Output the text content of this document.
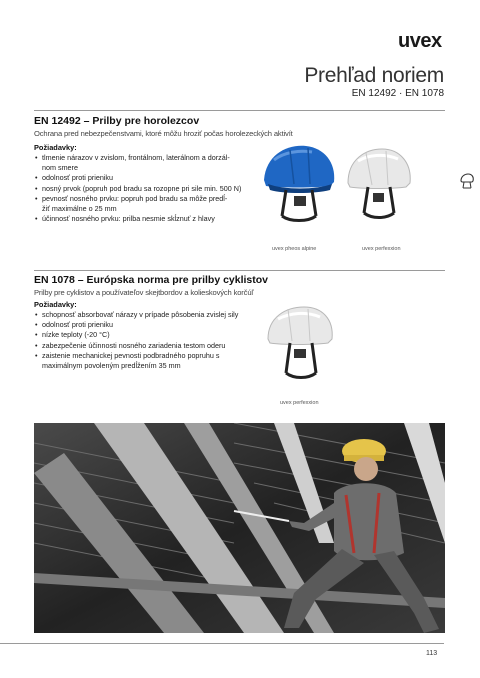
uvex
Prehľad noriem
EN 12492 · EN 1078
EN 12492 – Prilby pre horolezcov
Ochrana pred nebezpečenstvami, ktoré môžu hroziť počas horolezeckých aktivít
Požiadavky:
• tlmenie nárazov v zvislom, frontálnom, laterálnom a dorzál-
nom smere
• odolnosť proti prieniku
• nosný prvok (popruh pod bradu sa rozopne pri sile min. 500 N)
• pevnosť nosného prvku: popruh pod bradu sa môže predĺ-
žiť maximálne o 25 mm
• účinnosť nosného prvku: prilba nesmie skĺznuť z hlavy
uvex pheos alpine	uvex perfexxion
EN 1078 – Európska norma pre prilby cyklistov
Prilby pre cyklistov a používateľov skejtbordov a kolieskových korčúľ
Požiadavky:
• schopnosť absorbovať nárazy v prípade pôsobenia zvislej sily
• odolnosť proti prieniku
• nízke teploty (-20 °C)
• zabezpečenie účinnosti nosného zariadenia testom oderu
• zaistenie mechanickej pevnosti podbradného popruhu s
maximálnym povoleným predĺžením 35 mm
uvex perfexxion
113
